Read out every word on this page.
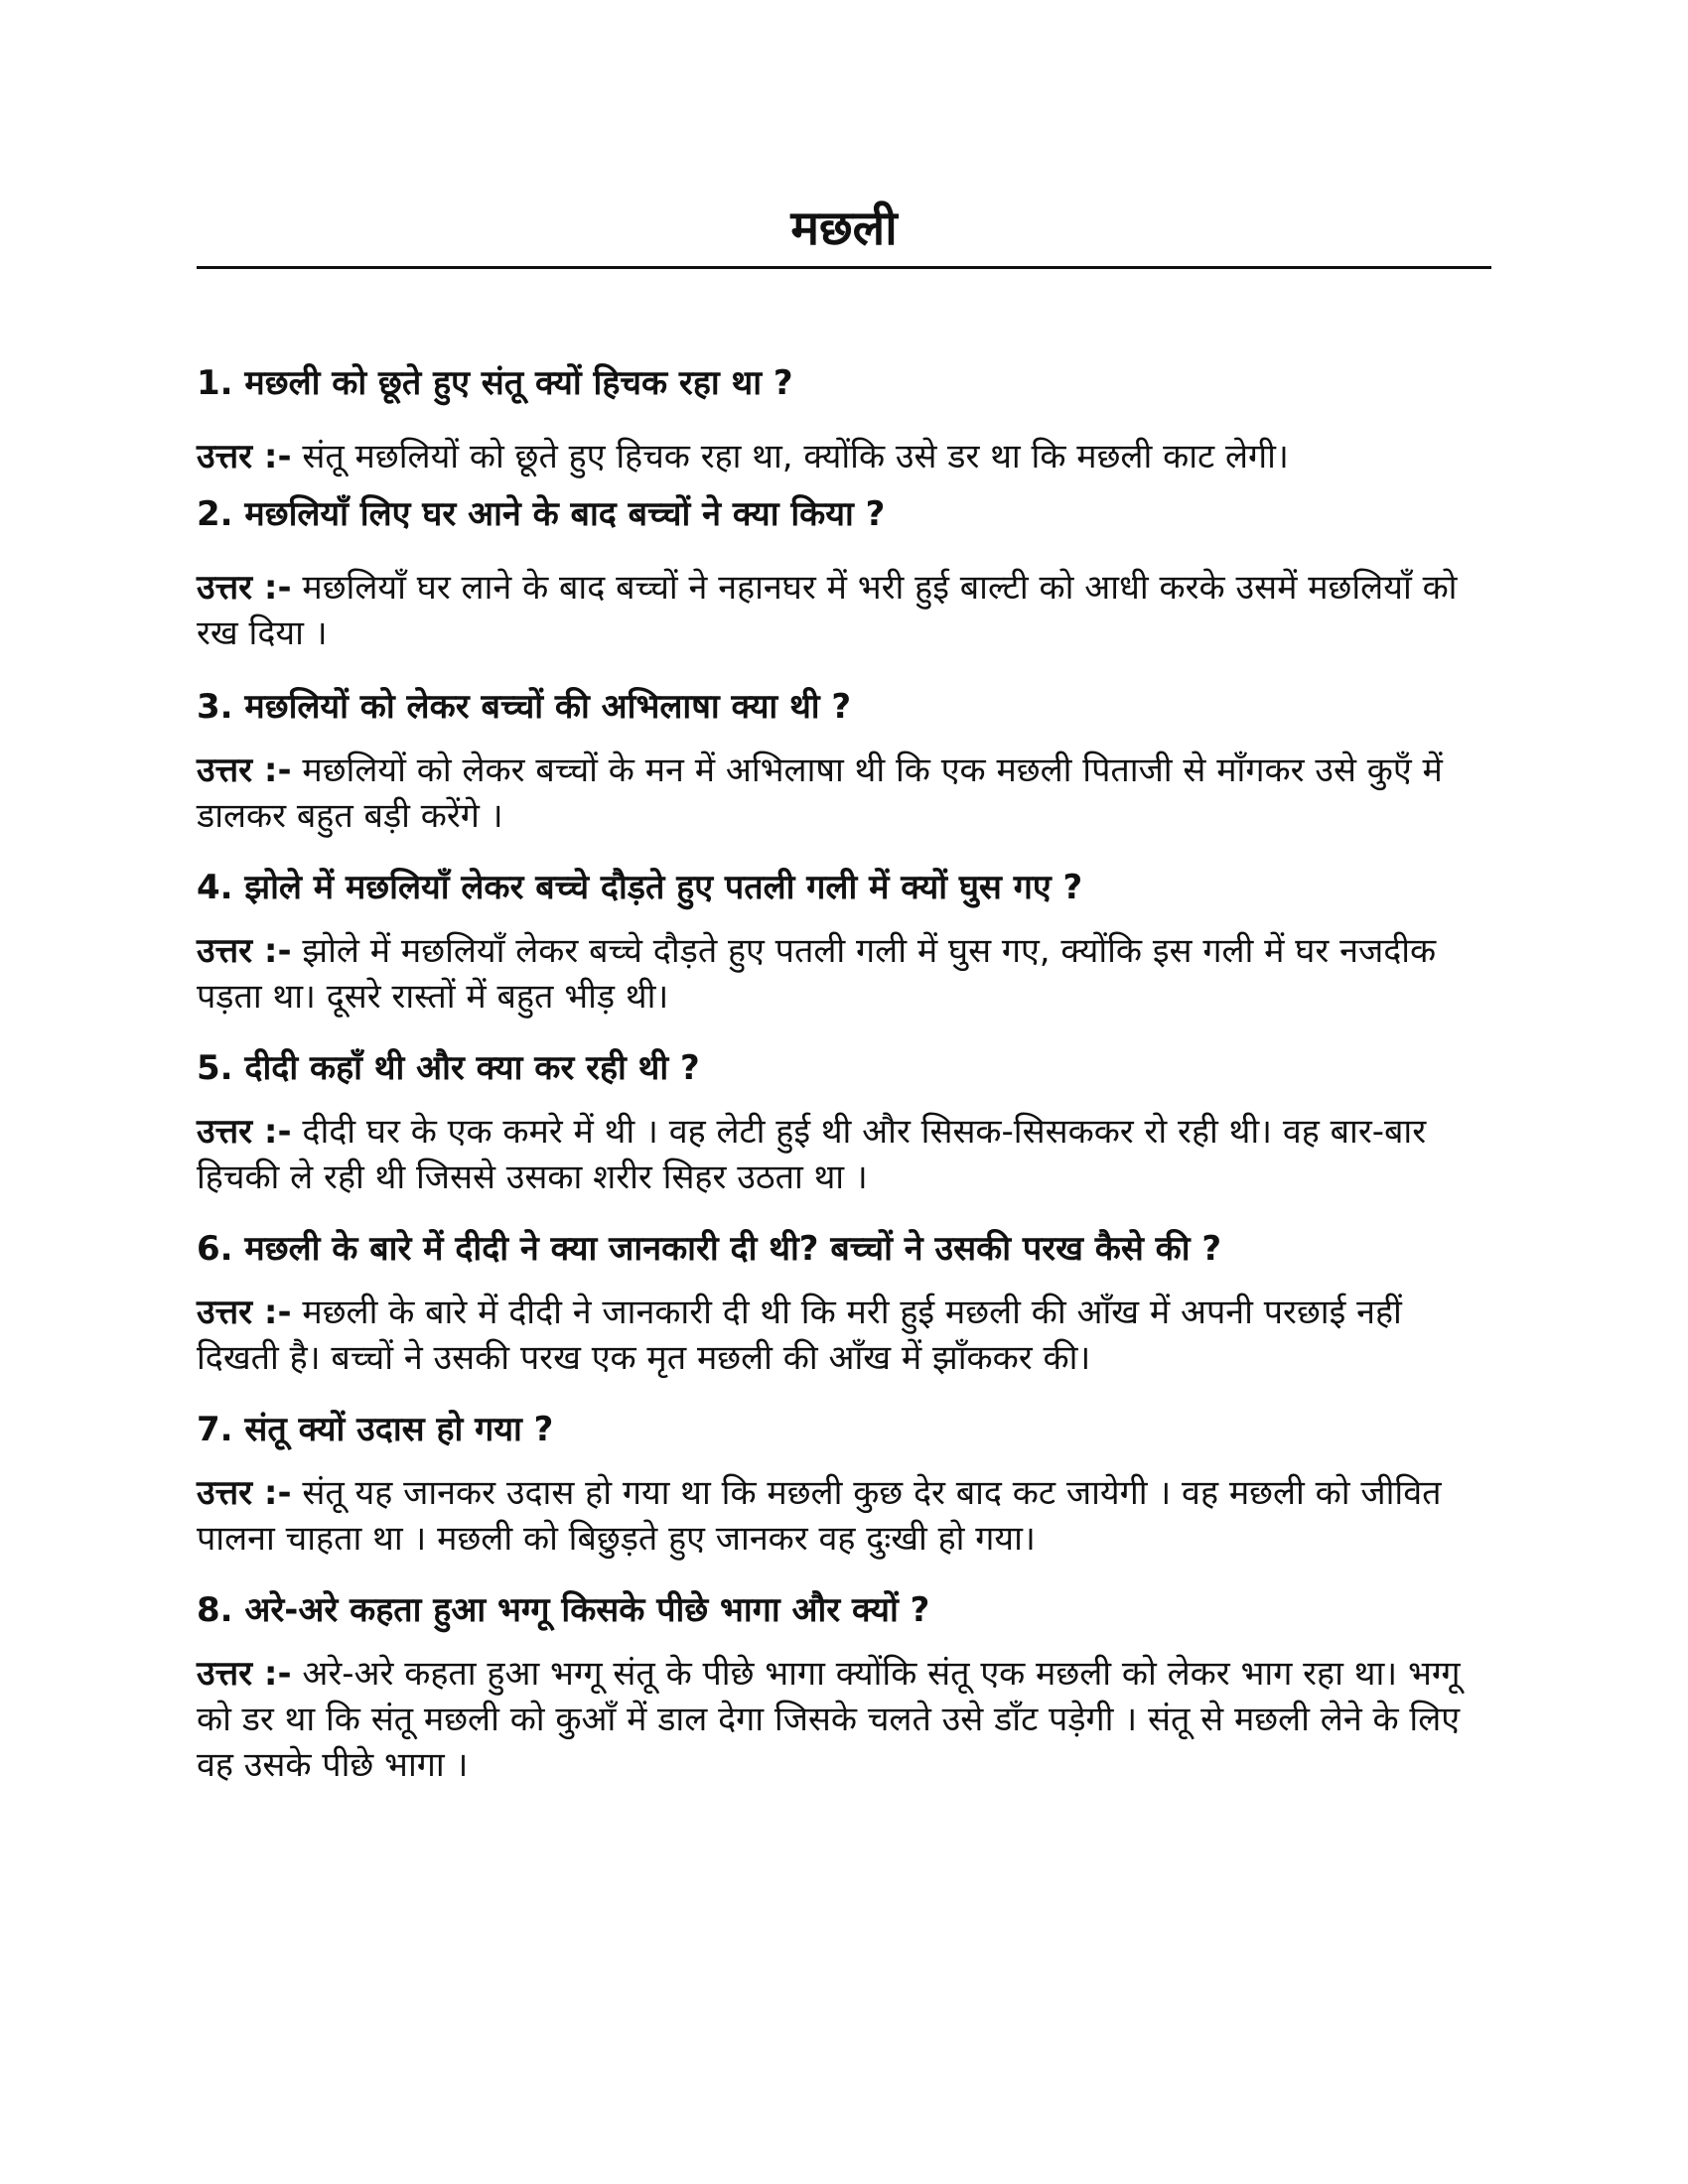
मछली

1. मछली को छूते हुए संतू क्यों हिचक रहा था ?

उत्तर :- संतू मछलियों को छूते हुए हिचक रहा था, क्योंकि उसे डर था कि मछली काट लेगी।

2. मछलियाँ लिए घर आने के बाद बच्चों ने क्या किया ?

उत्तर :- मछलियाँ घर लाने के बाद बच्चों ने नहानघर में भरी हुई बाल्टी को आधी करके उसमें मछलियाँ को रख दिया ।

3. मछलियों को लेकर बच्चों की अभिलाषा क्या थी ?

उत्तर :- मछलियों को लेकर बच्चों के मन में अभिलाषा थी कि एक मछली पिताजी से माँगकर उसे कुएँ में डालकर बहुत बड़ी करेंगे ।

4. झोले में मछलियाँ लेकर बच्चे दौड़ते हुए पतली गली में क्यों घुस गए ?

उत्तर :- झोले में मछलियाँ लेकर बच्चे दौड़ते हुए पतली गली में घुस गए, क्योंकि इस गली में घर नजदीक पड़ता था। दूसरे रास्तों में बहुत भीड़ थी।

5. दीदी कहाँ थी और क्या कर रही थी ?

उत्तर :- दीदी घर के एक कमरे में थी । वह लेटी हुई थी और सिसक-सिसककर रो रही थी। वह बार-बार हिचकी ले रही थी जिससे उसका शरीर सिहर उठता था ।

6. मछली के बारे में दीदी ने क्या जानकारी दी थी? बच्चों ने उसकी परख कैसे की ?

उत्तर :- मछली के बारे में दीदी ने जानकारी दी थी कि मरी हुई मछली की आँख में अपनी परछाई नहीं दिखती है। बच्चों ने उसकी परख एक मृत मछली की आँख में झाँककर की।

7. संतू क्यों उदास हो गया ?

उत्तर :- संतू यह जानकर उदास हो गया था कि मछली कुछ देर बाद कट जायेगी । वह मछली को जीवित पालना चाहता था । मछली को बिछुड़ते हुए जानकर वह दुःखी हो गया।

8. अरे-अरे कहता हुआ भग्गू किसके पीछे भागा और क्यों ?

उत्तर :- अरे-अरे कहता हुआ भग्गू संतू के पीछे भागा क्योंकि संतू एक मछली को लेकर भाग रहा था। भग्गू को डर था कि संतू मछली को कुआँ में डाल देगा जिसके चलते उसे डाँट पड़ेगी । संतू से मछली लेने के लिए वह उसके पीछे भागा ।
